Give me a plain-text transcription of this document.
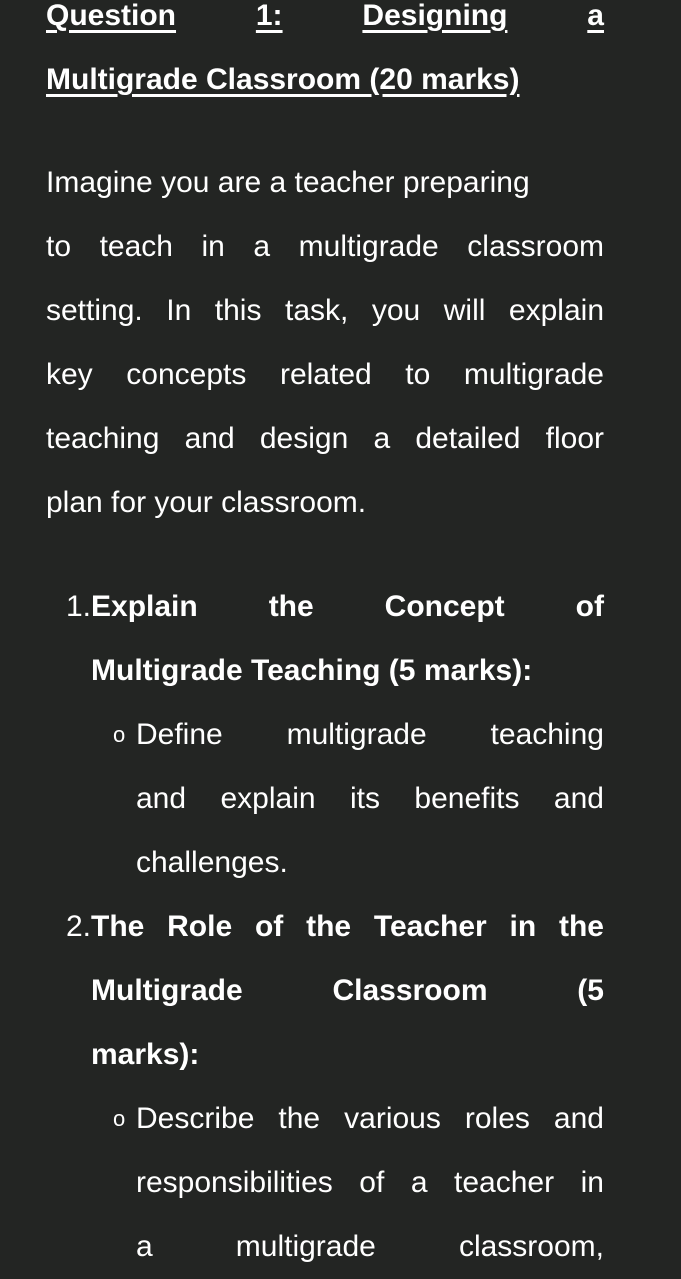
Question	1:	Designing	a
Multigrade Classroom (20 marks)
Imagine you are a teacher preparing
to teach in a multigrade classroom
setting. In this task, you will explain
key concepts related to multigrade
teaching and design a detailed floor
plan for your classroom.
1. Explain the Concept of
Multigrade Teaching (5 marks):
o Define multigrade teaching
and explain its benefits and
challenges.
2. The Role of the Teacher in the
Multigrade	Classroom	(5
marks):
o Describe the various roles and
responsibilities of a teacher in
a	multigrade	classroom,
